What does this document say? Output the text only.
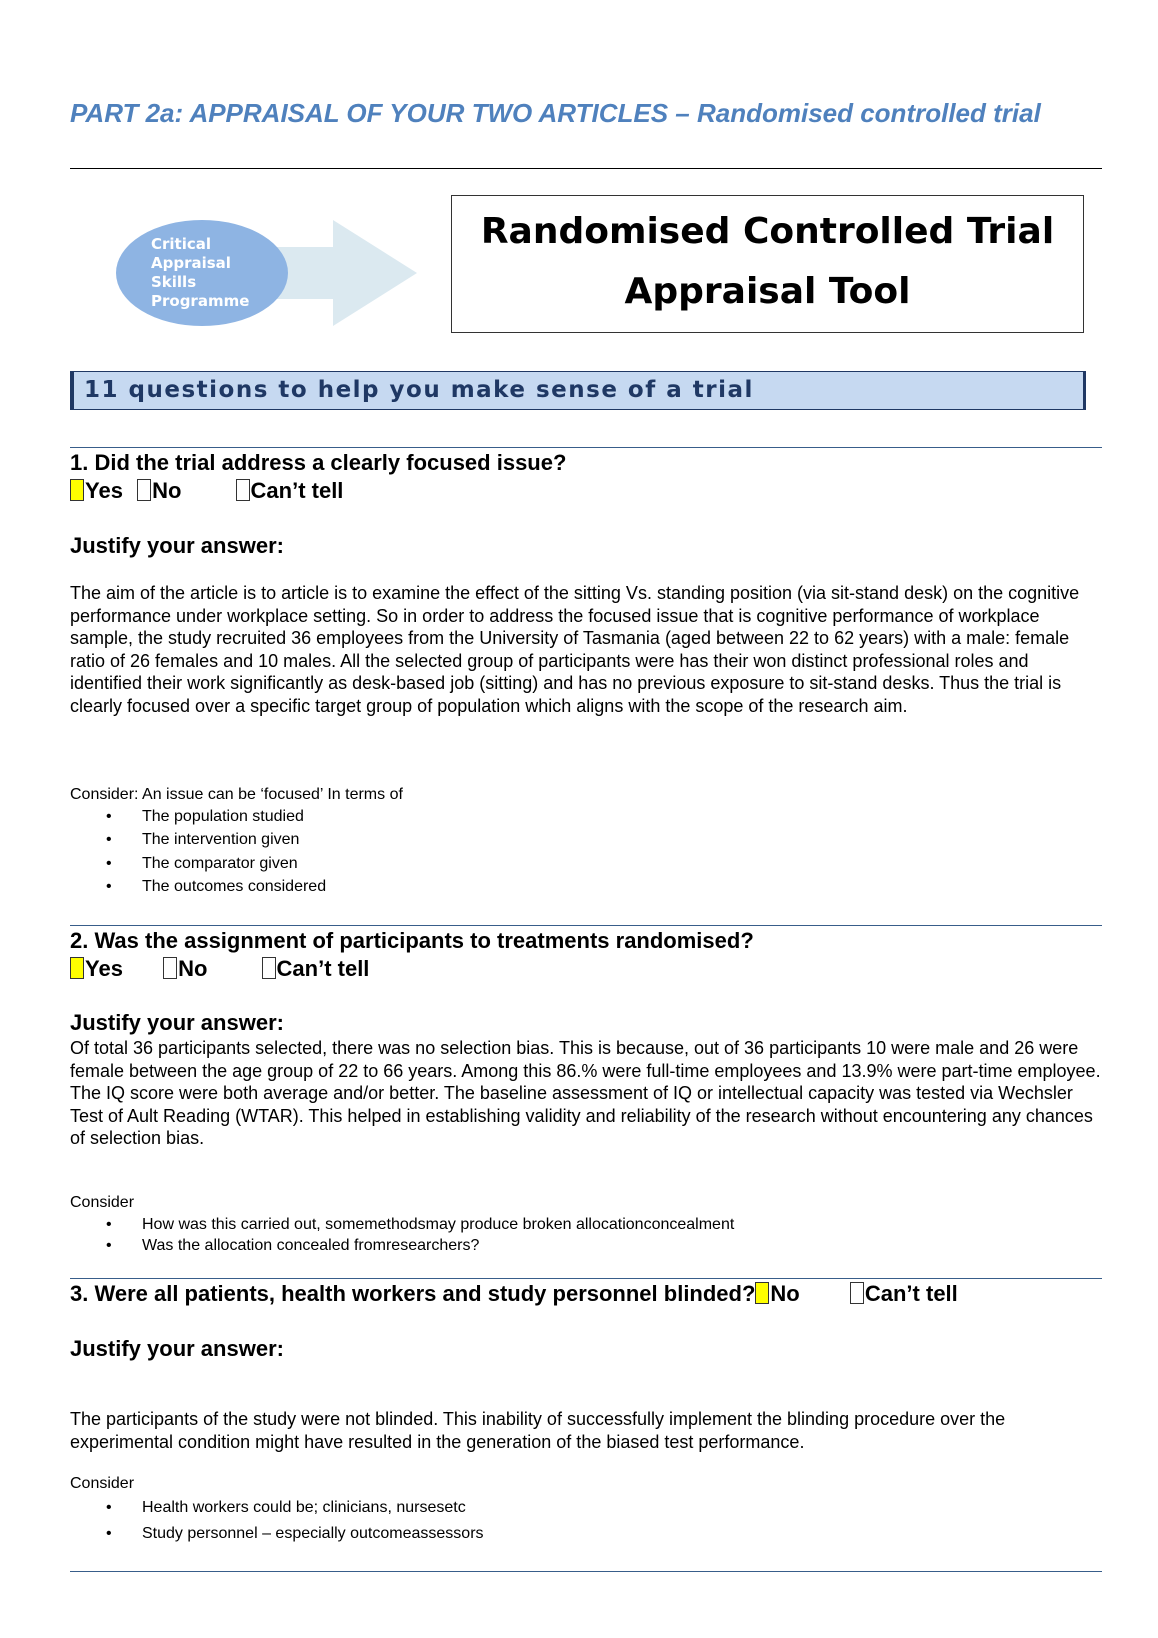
PART 2a: APPRAISAL OF YOUR TWO ARTICLES – Randomised controlled trial
Critical
Appraisal
Skills
Programme
Randomised Controlled Trial
Appraisal Tool
11 questions to help you make sense of a trial
1. Did the trial address a clearly focused issue?
Yes No	Can’t tell
Justify your answer:
The aim of the article is to article is to examine the effect of the sitting Vs. standing position (via sit-stand desk) on the cognitive performance under workplace setting. So in order to address the focused issue that is cognitive performance of workplace sample, the study recruited 36 employees from the University of Tasmania (aged between 22 to 62 years) with a male: female ratio of 26 females and 10 males. All the selected group of participants were has their won distinct professional roles and identified their work significantly as desk-based job (sitting) and has no previous exposure to sit-stand desks. Thus the trial is clearly focused over a specific target group of population which aligns with the scope of the research aim.
Consider: An issue can be ‘focused’ In terms of
• The population studied
• The intervention given
• The comparator given
• The outcomes considered
2. Was the assignment of participants to treatments randomised?
Yes	No	Can’t tell
Justify your answer:
Of total 36 participants selected, there was no selection bias. This is because, out of 36 participants 10 were male and 26 were female between the age group of 22 to 66 years. Among this 86.% were full-time employees and 13.9% were part-time employee. The IQ score were both average and/or better. The baseline assessment of IQ or intellectual capacity was tested via Wechsler Test of Ault Reading (WTAR). This helped in establishing validity and reliability of the research without encountering any chances of selection bias.
Consider
• How was this carried out, somemethodsmay produce broken allocationconcealment
• Was the allocation concealed fromresearchers?
3. Were all patients, health workers and study personnel blinded? No	Can’t tell
Justify your answer:
The participants of the study were not blinded. This inability of successfully implement the blinding procedure over the experimental condition might have resulted in the generation of the biased test performance.
Consider
• Health workers could be; clinicians, nursesetc
• Study personnel – especially outcomeassessors
